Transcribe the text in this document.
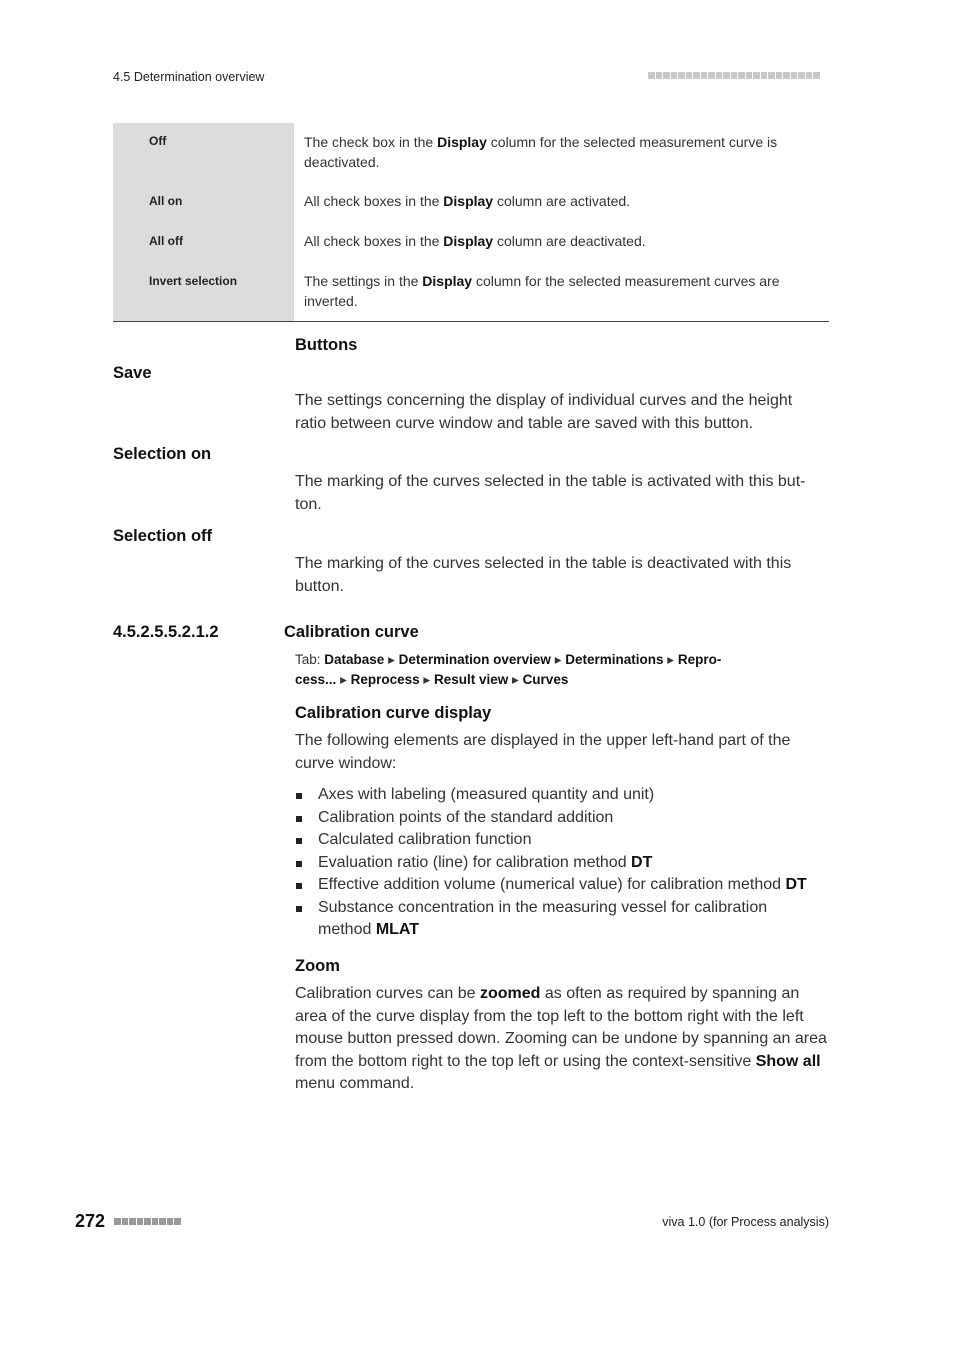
4.5 Determination overview
Off	The check box in the Display column for the selected measurement curve is deactivated.
All on	All check boxes in the Display column are activated.
All off	All check boxes in the Display column are deactivated.
Invert selection	The settings in the Display column for the selected measurement curves are inverted.
Buttons
Save
The settings concerning the display of individual curves and the height ratio between curve window and table are saved with this button.
Selection on
The marking of the curves selected in the table is activated with this but-
ton.
Selection off
The marking of the curves selected in the table is deactivated with this button.
4.5.2.5.5.2.1.2	Calibration curve
Tab: Database ▸ Determination overview ▸ Determinations ▸ Repro-cess... ▸ Reprocess ▸ Result view ▸ Curves
Calibration curve display
The following elements are displayed in the upper left-hand part of the curve window:
Axes with labeling (measured quantity and unit)
Calibration points of the standard addition
Calculated calibration function
Evaluation ratio (line) for calibration method DT
Effective addition volume (numerical value) for calibration method DT
Substance concentration in the measuring vessel for calibration method MLAT
Zoom
Calibration curves can be zoomed as often as required by spanning an area of the curve display from the top left to the bottom right with the left mouse button pressed down. Zooming can be undone by spanning an area from the bottom right to the top left or using the context-sensitive Show all menu command.
272	viva 1.0 (for Process analysis)
